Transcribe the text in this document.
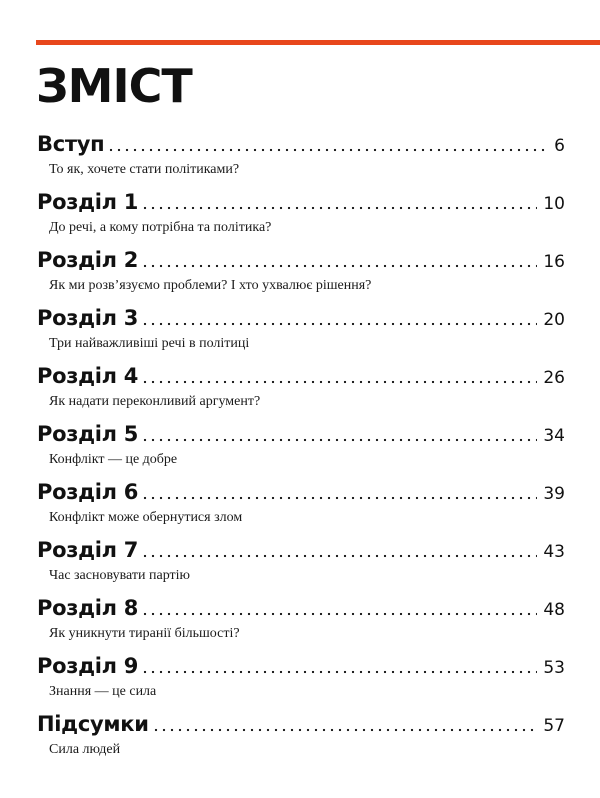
ЗМІСТ
Вступ	6

То як, хочете стати політиками?

Розділ 1	10

До речі, а кому потрібна та політика?

Розділ 2	16

Як ми розв’язуємо проблеми? І хто ухвалює рішення?

Розділ 3	20

Три найважливіші речі в політиці

Розділ 4	26

Як надати переконливий аргумент?

Розділ 5	34

Конфлікт — це добре

Розділ 6	39

Конфлікт може обернутися злом

Розділ 7	43

Час засновувати партію

Розділ 8	48

Як уникнути тиранії більшості?

Розділ 9	53

Знання — це сила

Підсумки	57

Сила людей
